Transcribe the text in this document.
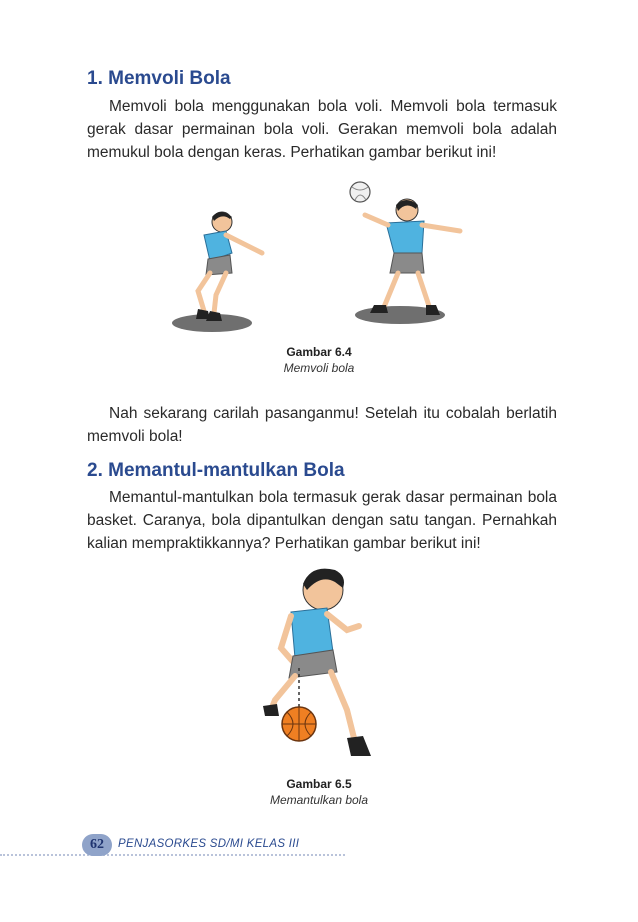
1. Memvoli Bola

Memvoli bola menggunakan bola voli. Memvoli bola termasuk gerak dasar permainan bola voli. Gerakan memvoli bola adalah memukul bola dengan keras. Perhatikan gambar berikut ini!

Gambar 6.4
Memvoli bola

Nah sekarang carilah pasanganmu! Setelah itu cobalah berlatih memvoli bola!

2. Memantul-mantulkan Bola

Memantul-mantulkan bola termasuk gerak dasar permainan bola basket. Caranya, bola dipantulkan dengan satu tangan. Pernahkah kalian mempraktikkannya? Perhatikan gambar berikut ini!

Gambar 6.5
Memantulkan bola
62	PENJASORKES SD/MI KELAS III
